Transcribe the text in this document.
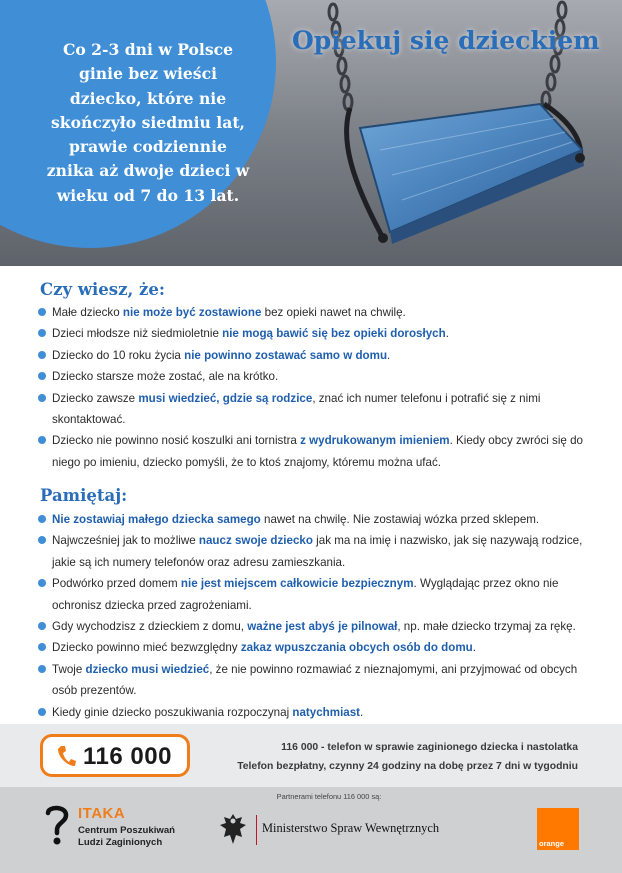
Co 2-3 dni w Polsce
ginie bez wieści
dziecko, które nie
skończyło siedmiu lat,
prawie codziennie
znika aż dwoje dzieci w
wieku od 7 do 13 lat.
Opiekuj się dzieckiem
Czy wiesz, że:
Małe dziecko nie może być zostawione bez opieki nawet na chwilę.
Dzieci młodsze niż siedmioletnie nie mogą bawić się bez opieki dorosłych.
Dziecko do 10 roku życia nie powinno zostawać samo w domu.
Dziecko starsze może zostać, ale na krótko.
Dziecko zawsze musi wiedzieć, gdzie są rodzice, znać ich numer telefonu i potrafić się z nimi skontaktować.
Dziecko nie powinno nosić koszulki ani tornistra z wydrukowanym imieniem. Kiedy obcy zwróci się do niego po imieniu, dziecko pomyśli, że to ktoś znajomy, któremu można ufać.
Pamiętaj:
Nie zostawiaj małego dziecka samego nawet na chwilę. Nie zostawiaj wózka przed sklepem.
Najwcześniej jak to możliwe naucz swoje dziecko jak ma na imię i nazwisko, jak się nazywają rodzice, jakie są ich numery telefonów oraz adresu zamieszkania.
Podwórko przed domem nie jest miejscem całkowicie bezpiecznym. Wyglądając przez okno nie ochronisz dziecka przed zagrożeniami.
Gdy wychodzisz z dzieckiem z domu, ważne jest abyś je pilnował, np. małe dziecko trzymaj za rękę.
Dziecko powinno mieć bezwzględny zakaz wpuszczania obcych osób do domu.
Twoje dziecko musi wiedzieć, że nie powinno rozmawiać z nieznajomymi, ani przyjmować od obcych osób prezentów.
Kiedy ginie dziecko poszukiwania rozpoczynaj natychmiast.
116 000	116 000 - telefon w sprawie zaginionego dziecka i nastolatka
Telefon bezpłatny, czynny 24 godziny na dobę przez 7 dni w tygodniu
Partnerami telefonu 116 000 są:
ITAKA
Centrum Poszukiwań
Ludzi Zaginionych
Ministerstwo Spraw Wewnętrznych
orange
